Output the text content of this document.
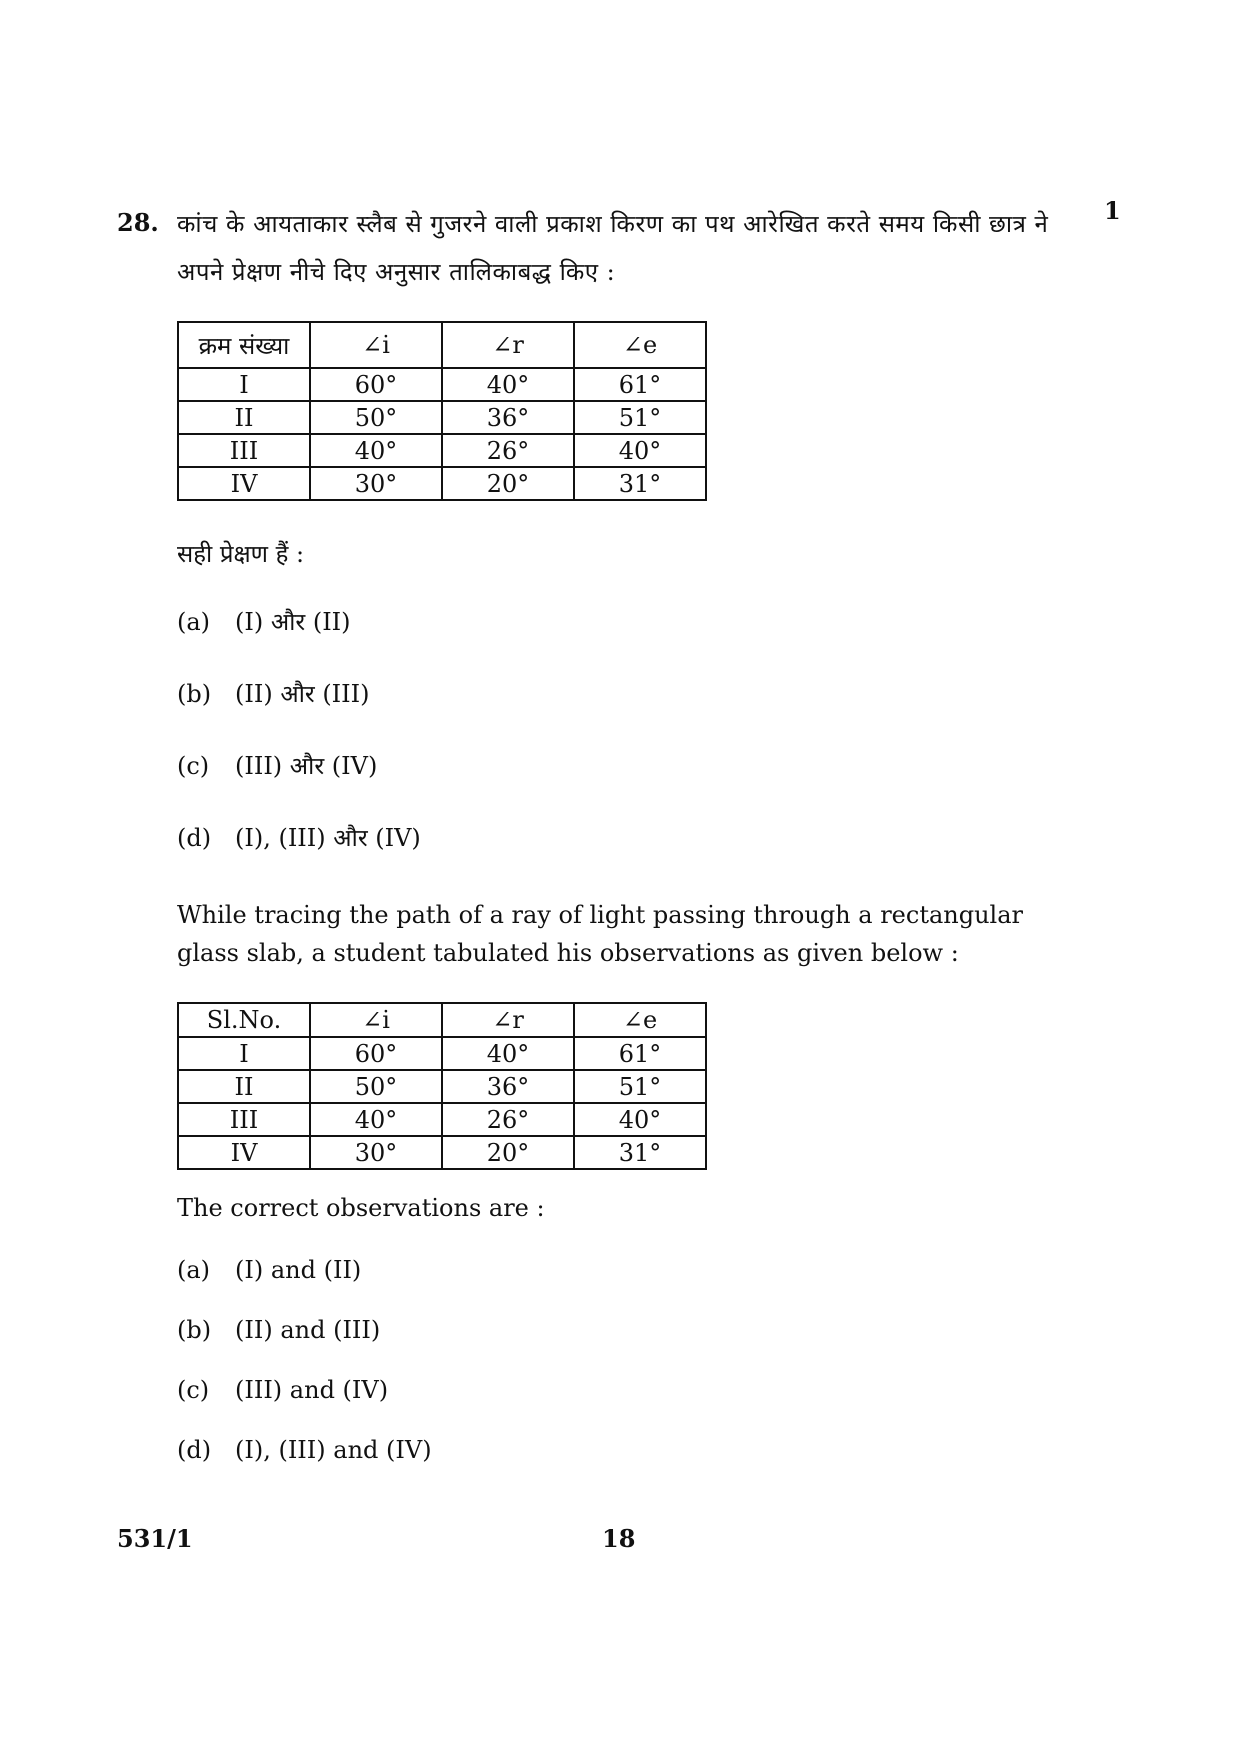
28.	1
कांच के आयताकार स्लैब से गुजरने वाली प्रकाश किरण का पथ आरेखित करते समय किसी छात्र ने अपने प्रेक्षण नीचे दिए अनुसार तालिकाबद्ध किए :
क्रम संख्या	∠i	∠r	∠e
I	60°	40°	61°
II	50°	36°	51°
III	40°	26°	40°
IV	30°	20°	31°
सही प्रेक्षण हैं :
(a) (I) और (II)
(b) (II) और (III)
(c) (III) और (IV)
(d) (I), (III) और (IV)
While tracing the path of a ray of light passing through a rectangular glass slab, a student tabulated his observations as given below :
Sl.No.	∠i	∠r	∠e
I	60°	40°	61°
II	50°	36°	51°
III	40°	26°	40°
IV	30°	20°	31°
The correct observations are :
(a) (I) and (II)
(b) (II) and (III)
(c) (III) and (IV)
(d) (I), (III) and (IV)
531/1	18
